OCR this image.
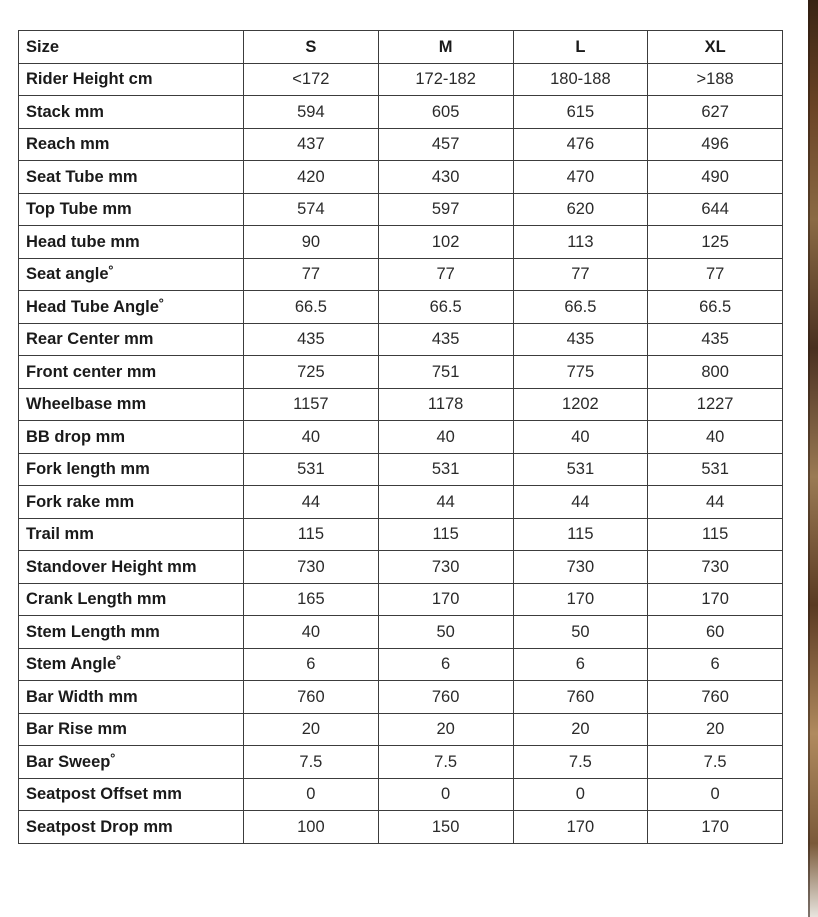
Size	S	M	L	XL
Rider Height cm	<172	172-182	180-188	>188
Stack mm	594	605	615	627
Reach mm	437	457	476	496
Seat Tube mm	420	430	470	490
Top Tube mm	574	597	620	644
Head tube mm	90	102	113	125
Seat angle˚	77	77	77	77
Head Tube Angle˚	66.5	66.5	66.5	66.5
Rear Center mm	435	435	435	435
Front center mm	725	751	775	800
Wheelbase mm	1157	1178	1202	1227
BB drop mm	40	40	40	40
Fork length mm	531	531	531	531
Fork rake mm	44	44	44	44
Trail mm	115	115	115	115
Standover Height mm	730	730	730	730
Crank Length mm	165	170	170	170
Stem Length mm	40	50	50	60
Stem Angle˚	6	6	6	6
Bar Width mm	760	760	760	760
Bar Rise mm	20	20	20	20
Bar Sweep˚	7.5	7.5	7.5	7.5
Seatpost Offset mm	0	0	0	0
Seatpost Drop mm	100	150	170	170
